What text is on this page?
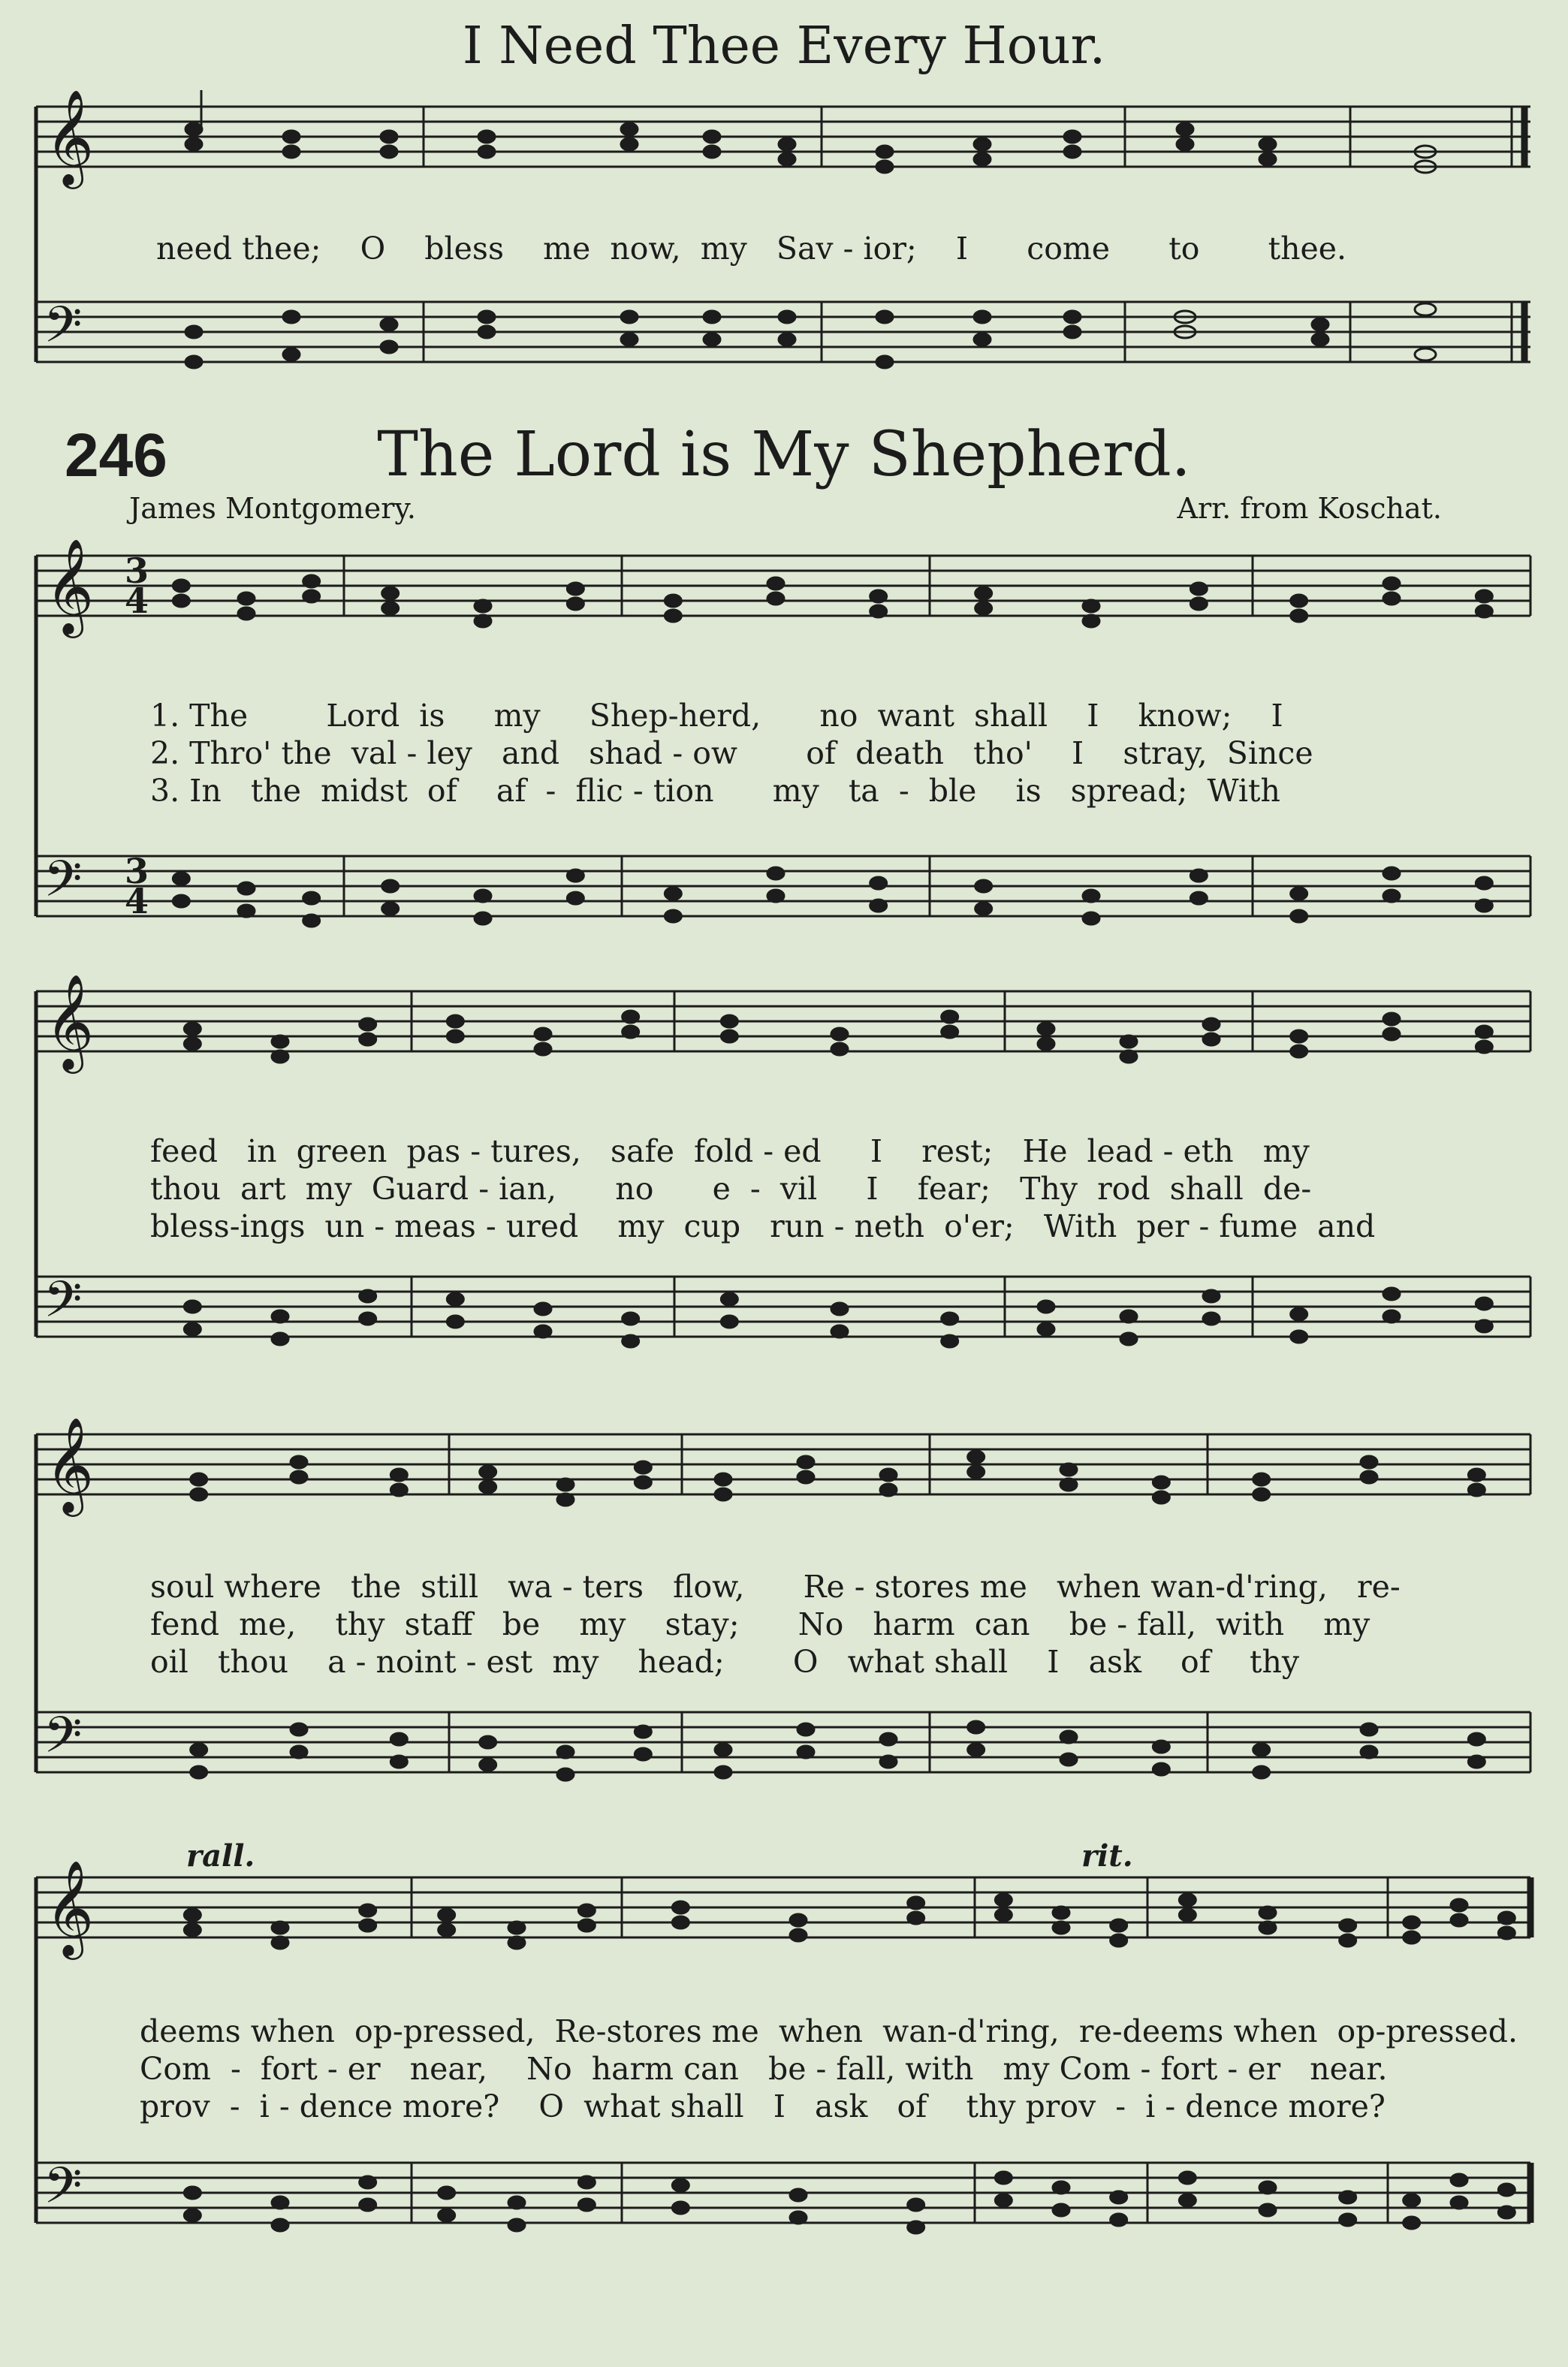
I Need Thee Every Hour.
𝄞
𝄢
need thee;    O    bless    me  now,  my   Sav - ior;    I      come      to       thee.
246	The Lord is My Shepherd.
James Montgomery.	Arr. from Koschat.
𝄞
𝄢
3
4
3
4
𝄞
𝄢
𝄞
𝄢
𝄞
𝄢
1. The        Lord  is     my     Shep-herd,      no  want  shall    I    know;    I
2. Thro' the  val - ley   and   shad - ow       of  death   tho'    I    stray,  Since
3. In   the  midst  of    af  -  flic - tion      my   ta  -  ble    is   spread;  With
feed   in  green  pas - tures,   safe  fold - ed     I    rest;   He  lead - eth   my
thou  art  my  Guard - ian,      no      e  -  vil     I    fear;   Thy  rod  shall  de-
bless-ings  un - meas - ured    my  cup   run - neth  o'er;   With  per - fume  and
soul where   the  still   wa - ters   flow,      Re - stores me   when wan-d'ring,   re-
fend  me,    thy  staff   be    my    stay;      No   harm  can    be - fall,  with    my
oil   thou    a - noint - est  my    head;       O   what shall    I   ask    of    thy
rall.	rit.
deems when  op-pressed,  Re-stores me  when  wan-d'ring,  re-deems when  op-pressed.
Com  -  fort - er   near,    No  harm can   be - fall, with   my Com - fort - er   near.
prov  -  i - dence more?    O  what shall   I   ask   of    thy prov  -  i - dence more?
